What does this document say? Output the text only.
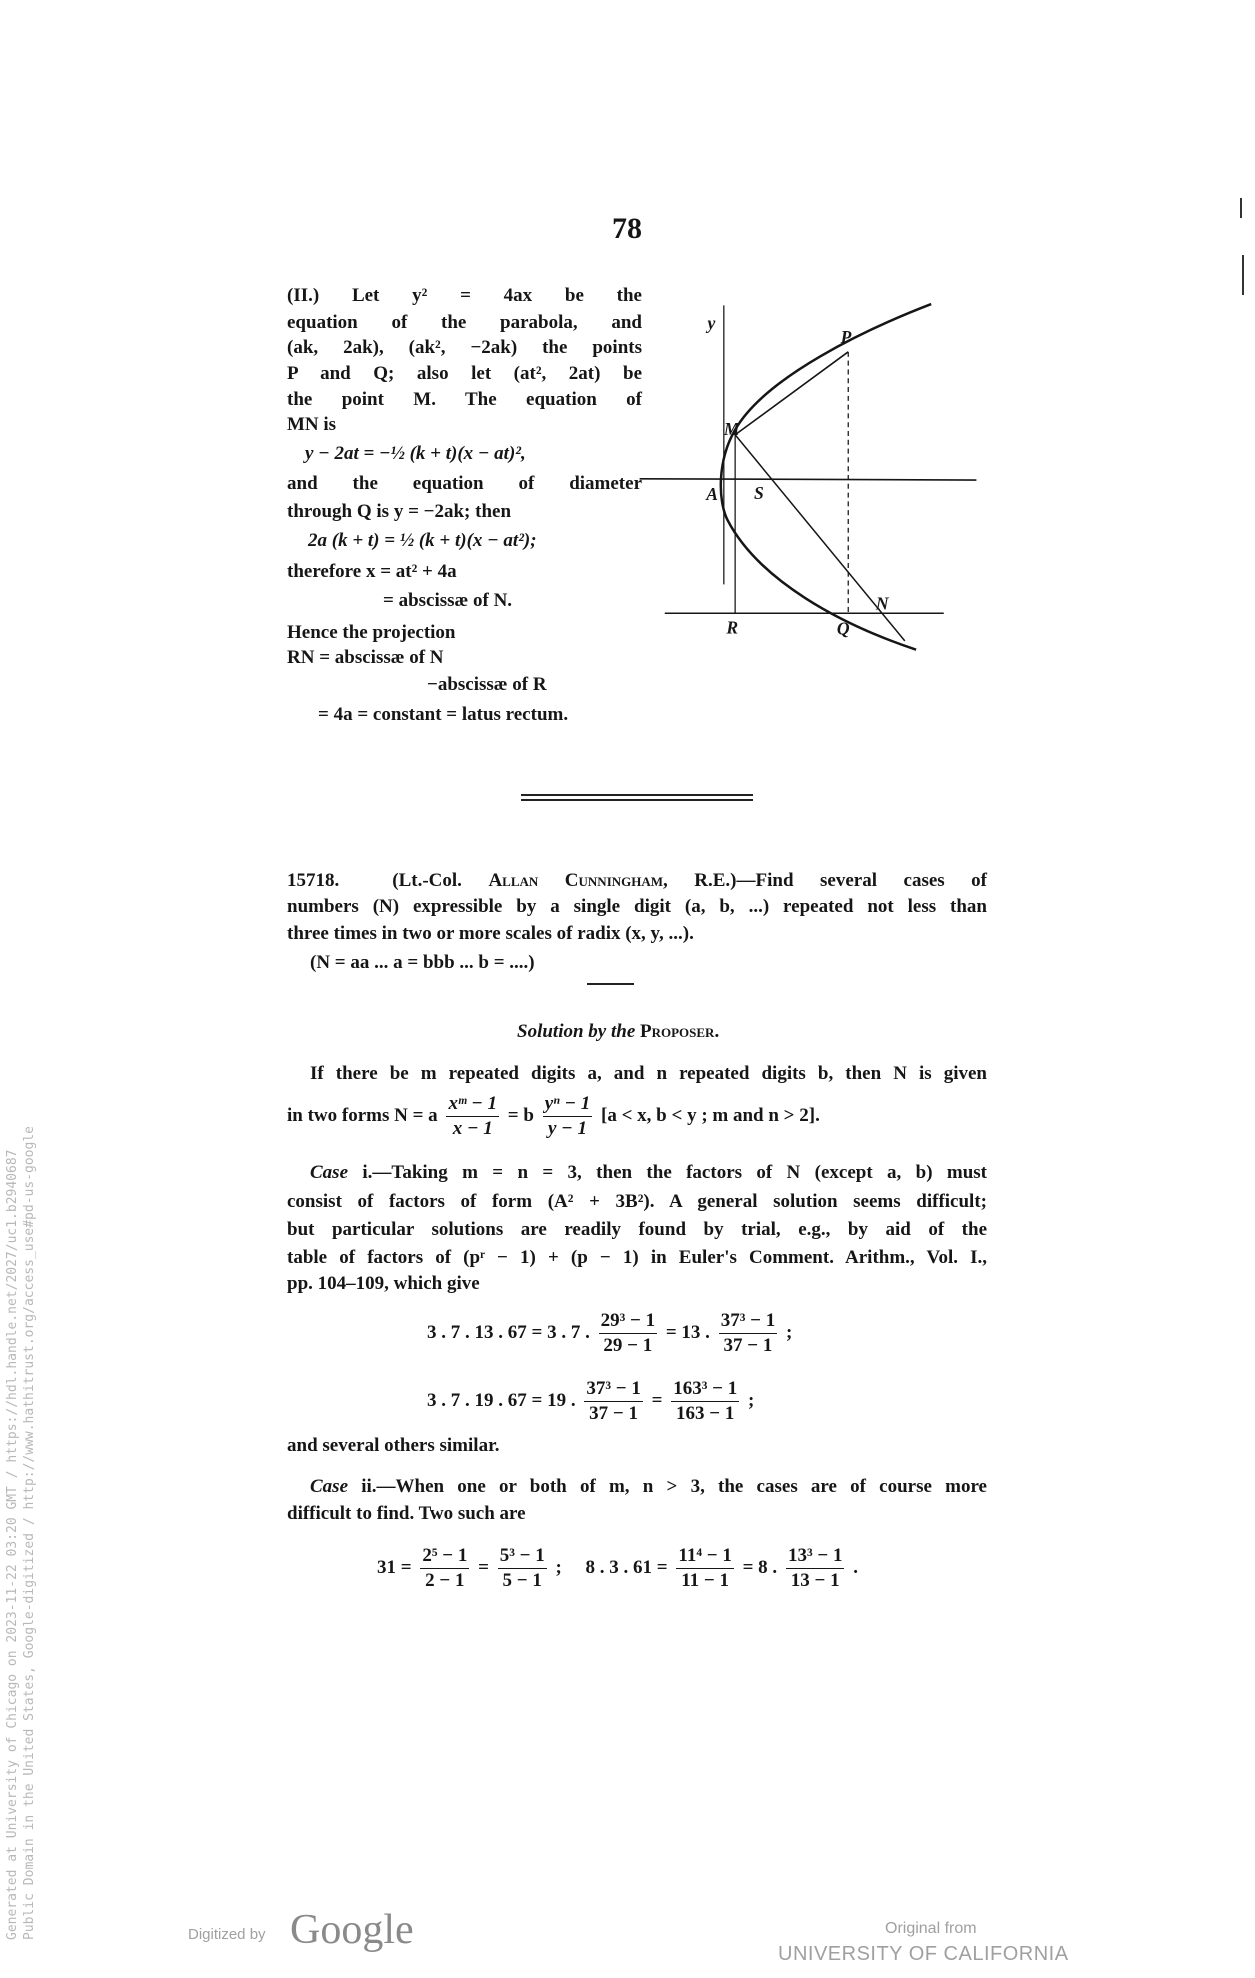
78
(II.) Let y² = 4ax be the
equation of the parabola, and
(ak, 2ak), (ak², −2ak) the points
P and Q; also let (at², 2at) be
the point M. The equation of
MN is
y − 2at = −½ (k + t)(x − at)²,
and the equation of diameter
through Q is y = −2ak; then
2a (k + t) = ½ (k + t)(x − at²);
therefore x = at² + 4a
= abscissæ of N.
Hence the projection
RN = abscissæ of N
−abscissæ of R
= 4a = constant = latus rectum.
y
P
M
A	S
R	Q
N
15718.	(Lt.-Col. Allan Cunningham, R.E.)—Find several cases of
numbers (N) expressible by a single digit (a, b, ...) repeated not less than
three times in two or more scales of radix (x, y, ...).
(N = aa ... a = bbb ... b = ....)
Solution by the Proposer.
If there be m repeated digits a, and n repeated digits b, then N is given
in two forms N = a $\frac{\text{xᵐ − 1}}{x - 1} = b \frac{\text{yⁿ − 1}}{y - 1} [a < x$, b < y ; m and n > 2].
Case i.—Taking m = n = 3, then the factors of N (except a, b) must
consist of factors of form (A² + 3B²). A general solution seems difficult;
but particular solutions are readily found by trial, e.g., by aid of the
table of factors of (pʳ − 1) + (p − 1) in Euler's Comment. Arithm., Vol. I.,
pp. 104–109, which give
3 . 7 . 13 . 67 = 3 . 7 . $\frac{\text{29³ − 1}}{29 - 1} = 13$ . $\frac{\text{37³ − 1}}{37 - 1}$ ;
3 . 7 . 19 . 67 = 19 . $\frac{\text{37³ − 1}}{37 - 1} = \frac{\text{163³ − 1}}{163 - 1}$ ;
and several others similar.
Case ii.—When one or both of m, n > 3, the cases are of course more
difficult to find. Two such are
$31 = \frac{\text{2⁵ − 1}}{2 - 1} = \frac{\text{5³ − 1}}{5 - 1}$ ;     8 . 3 . $61 = \frac{\text{11⁴ − 1}}{11 - 1} = 8$ . $\frac{\text{13³ − 1}}{13 - 1}$ .
Generated at University of Chicago on 2023-11-22 03:20 GMT / https://hdl.handle.net/2027/uc1.b2940687 Public Domain in the United States, Google-digitized / http://www.hathitrust.org/access_use#pd-us-google	Digitized by Google	Original from
UNIVERSITY OF CALIFORNIA
